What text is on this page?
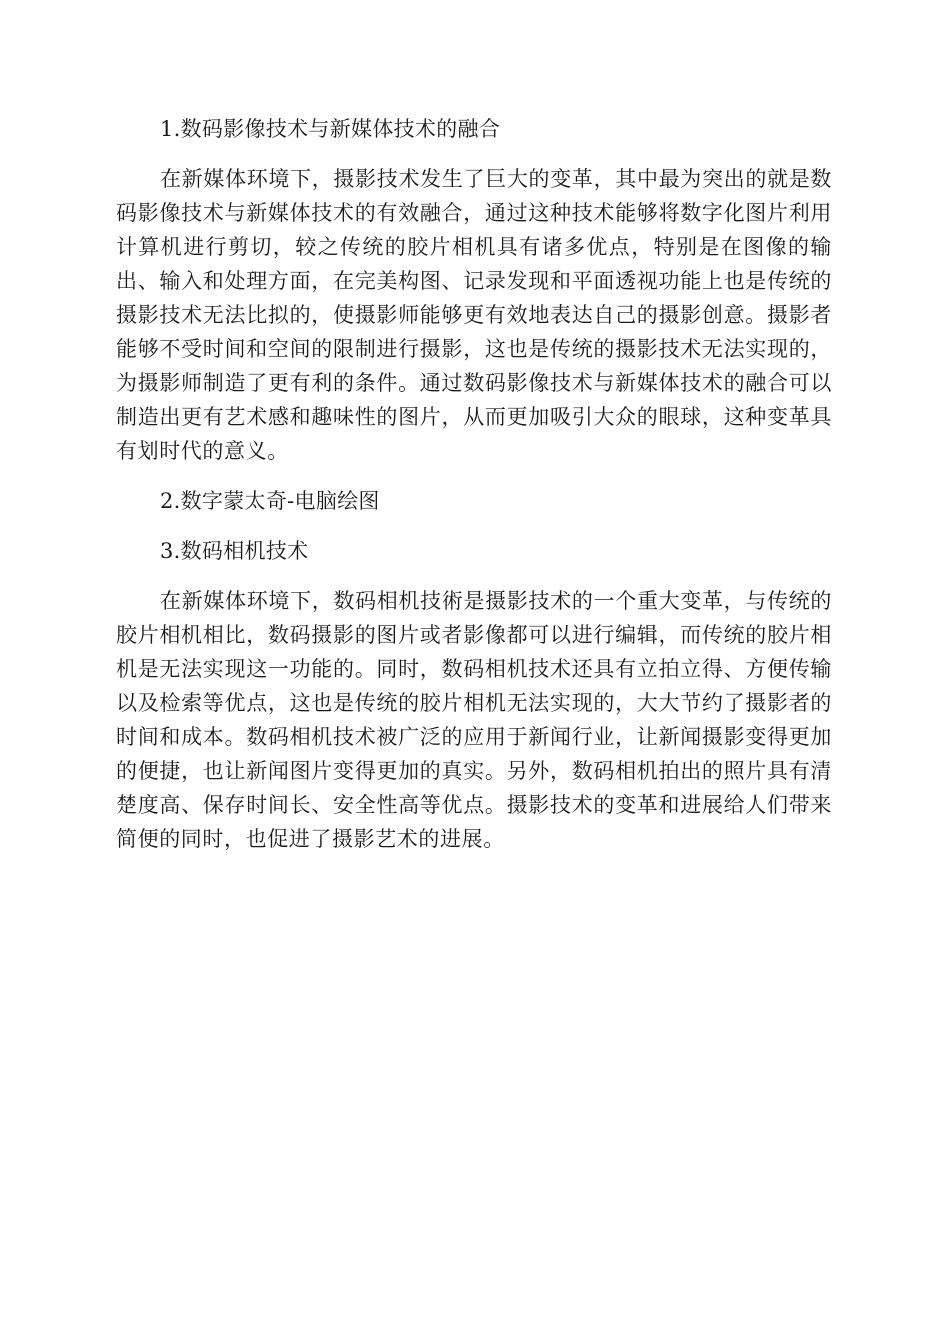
1.数码影像技术与新媒体技术的融合

在新媒体环境下，摄影技术发生了巨大的变革，其中最为突出的就是数码影像技术与新媒体技术的有效融合，通过这种技术能够将数字化图片利用计算机进行剪切，较之传统的胶片相机具有诸多优点，特别是在图像的输出、输入和处理方面，在完美构图、记录发现和平面透视功能上也是传统的摄影技术无法比拟的，使摄影师能够更有效地表达自己的摄影创意。摄影者能够不受时间和空间的限制进行摄影，这也是传统的摄影技术无法实现的，为摄影师制造了更有利的条件。通过数码影像技术与新媒体技术的融合可以制造出更有艺术感和趣味性的图片，从而更加吸引大众的眼球，这种变革具有划时代的意义。

2.数字蒙太奇-电脑绘图

3.数码相机技术

在新媒体环境下，数码相机技術是摄影技术的一个重大变革，与传统的胶片相机相比，数码摄影的图片或者影像都可以进行编辑，而传统的胶片相机是无法实现这一功能的。同时，数码相机技术还具有立拍立得、方便传输以及检索等优点，这也是传统的胶片相机无法实现的，大大节约了摄影者的时间和成本。数码相机技术被广泛的应用于新闻行业，让新闻摄影变得更加的便捷，也让新闻图片变得更加的真实。另外，数码相机拍出的照片具有清楚度高、保存时间长、安全性高等优点。摄影技术的变革和进展给人们带来简便的同时，也促进了摄影艺术的进展。
